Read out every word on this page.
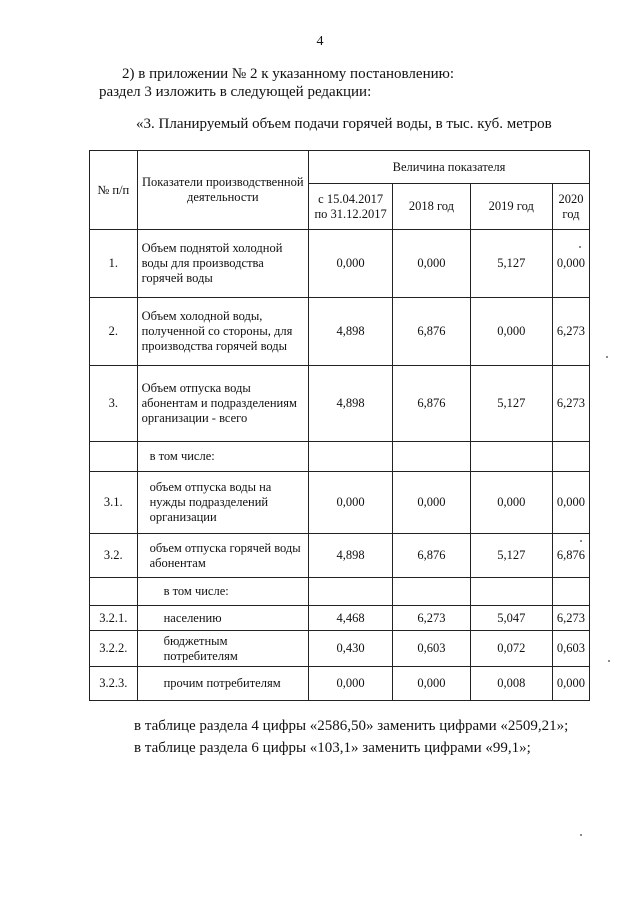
4
2) в приложении № 2 к указанному постановлению:
раздел 3 изложить в следующей редакции:
«3. Планируемый объем подачи горячей воды, в тыс. куб. метров
№ п/п	Показатели производственной деятельности	Величина показателя			
		с 15.04.2017 по 31.12.2017	2018 год	2019 год	2020 год
1.	Объем поднятой холодной воды для производства горячей воды	0,000	0,000	5,127	0,000
2.	Объем холодной воды, полученной со стороны, для производства горячей воды	4,898	6,876	0,000	6,273
3.	Объем отпуска воды абонентам и подразделениям организации - всего	4,898	6,876	5,127	6,273
	в том числе:				
3.1.	объем отпуска воды на нужды подразделений организации	0,000	0,000	0,000	0,000
3.2.	объем отпуска горячей воды абонентам	4,898	6,876	5,127	6,876
	в том числе:				
3.2.1.	населению	4,468	6,273	5,047	6,273
3.2.2.	бюджетным потребителям	0,430	0,603	0,072	0,603
3.2.3.	прочим потребителям	0,000	0,000	0,008	0,000
в таблице раздела 4 цифры «2586,50» заменить цифрами «2509,21»;
в таблице раздела 6 цифры «103,1» заменить цифрами «99,1»;
